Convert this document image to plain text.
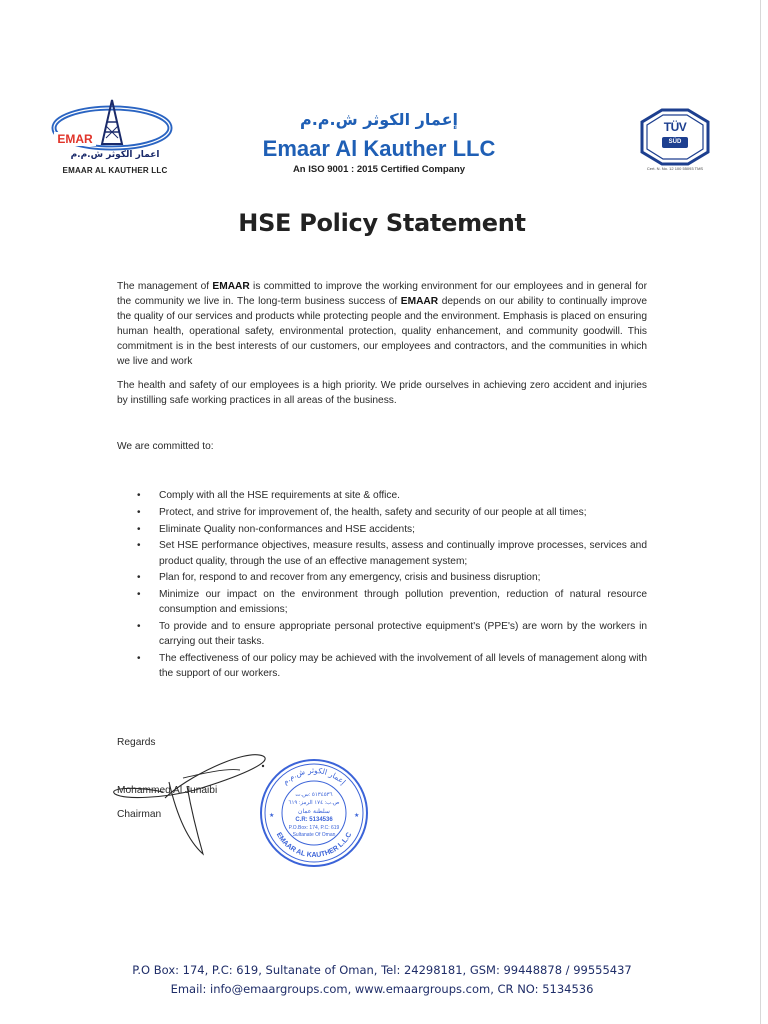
EMAR
اعمار الكوثر ش.م.م
EMAAR AL KAUTHER LLC
إعمار الكوثر ش.م.م
Emaar Al Kauther LLC
An ISO 9001 : 2015 Certified Company
TÜV
SÜD
Cert. N. No. 12 100 55093 TMS
HSE Policy Statement

The management of EMAAR is committed to improve the working environment for our employees and in general for the community we live in. The long-term business success of EMAAR depends on our ability to continually improve the quality of our services and products while protecting people and the environment. Emphasis is placed on ensuring human health, operational safety, environmental protection, quality enhancement, and community goodwill. This commitment is in the best interests of our customers, our employees and contractors, and the communities in which we live and work

The health and safety of our employees is a high priority. We pride ourselves in achieving zero accident and injuries by instilling safe working practices in all areas of the business.

We are committed to:

• Comply with all the HSE requirements at site & office.
• Protect, and strive for improvement of, the health, safety and security of our people at all times;
• Eliminate Quality non-conformances and HSE accidents;
• Set HSE performance objectives, measure results, assess and continually improve processes, services and product quality, through the use of an effective management system;
• Plan for, respond to and recover from any emergency, crisis and business disruption;
• Minimize our impact on the environment through pollution prevention, reduction of natural resource consumption and emissions;
• To provide and to ensure appropriate personal protective equipment's (PPE's) are worn by the workers in carrying out their tasks.
• The effectiveness of our policy may be achieved with the involvement of all levels of management along with the support of our workers.
Regards
Mohammed Al Junaibi
Chairman
إعمار الكوثر ش.م.م
EMAAR AL KAUTHER L.L.C
★	★
٥١٣٤٥٣٦ :س.ت
ص.ب: ١٧٤ الرمز: ٦١٩
سلطنة عمان
C.R: 5134536
P.O.Box: 174, P.C: 619
Sultanate Of Oman
P.O Box: 174, P.C: 619, Sultanate of Oman, Tel: 24298181, GSM: 99448878 / 99555437
Email: info@emaargroups.com, www.emaargroups.com, CR NO: 5134536
